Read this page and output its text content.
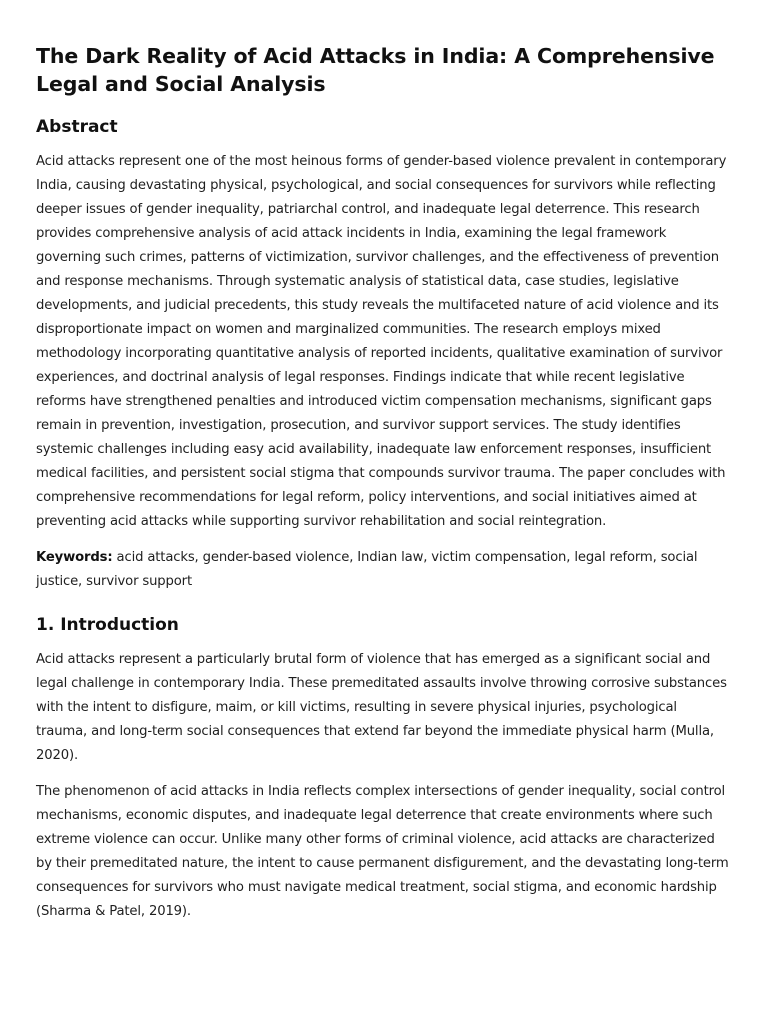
The Dark Reality of Acid Attacks in India: A Comprehensive Legal and Social Analysis
Abstract

Acid attacks represent one of the most heinous forms of gender-based violence prevalent in contemporary India, causing devastating physical, psychological, and social consequences for survivors while reflecting deeper issues of gender inequality, patriarchal control, and inadequate legal deterrence. This research provides comprehensive analysis of acid attack incidents in India, examining the legal framework governing such crimes, patterns of victimization, survivor challenges, and the effectiveness of prevention and response mechanisms. Through systematic analysis of statistical data, case studies, legislative developments, and judicial precedents, this study reveals the multifaceted nature of acid violence and its disproportionate impact on women and marginalized communities. The research employs mixed methodology incorporating quantitative analysis of reported incidents, qualitative examination of survivor experiences, and doctrinal analysis of legal responses. Findings indicate that while recent legislative reforms have strengthened penalties and introduced victim compensation mechanisms, significant gaps remain in prevention, investigation, prosecution, and survivor support services. The study identifies systemic challenges including easy acid availability, inadequate law enforcement responses, insufficient medical facilities, and persistent social stigma that compounds survivor trauma. The paper concludes with comprehensive recommendations for legal reform, policy interventions, and social initiatives aimed at preventing acid attacks while supporting survivor rehabilitation and social reintegration.

Keywords: acid attacks, gender-based violence, Indian law, victim compensation, legal reform, social justice, survivor support

1. Introduction

Acid attacks represent a particularly brutal form of violence that has emerged as a significant social and legal challenge in contemporary India. These premeditated assaults involve throwing corrosive substances with the intent to disfigure, maim, or kill victims, resulting in severe physical injuries, psychological trauma, and long-term social consequences that extend far beyond the immediate physical harm (Mulla, 2020).

The phenomenon of acid attacks in India reflects complex intersections of gender inequality, social control mechanisms, economic disputes, and inadequate legal deterrence that create environments where such extreme violence can occur. Unlike many other forms of criminal violence, acid attacks are characterized by their premeditated nature, the intent to cause permanent disfigurement, and the devastating long-term consequences for survivors who must navigate medical treatment, social stigma, and economic hardship (Sharma & Patel, 2019).
